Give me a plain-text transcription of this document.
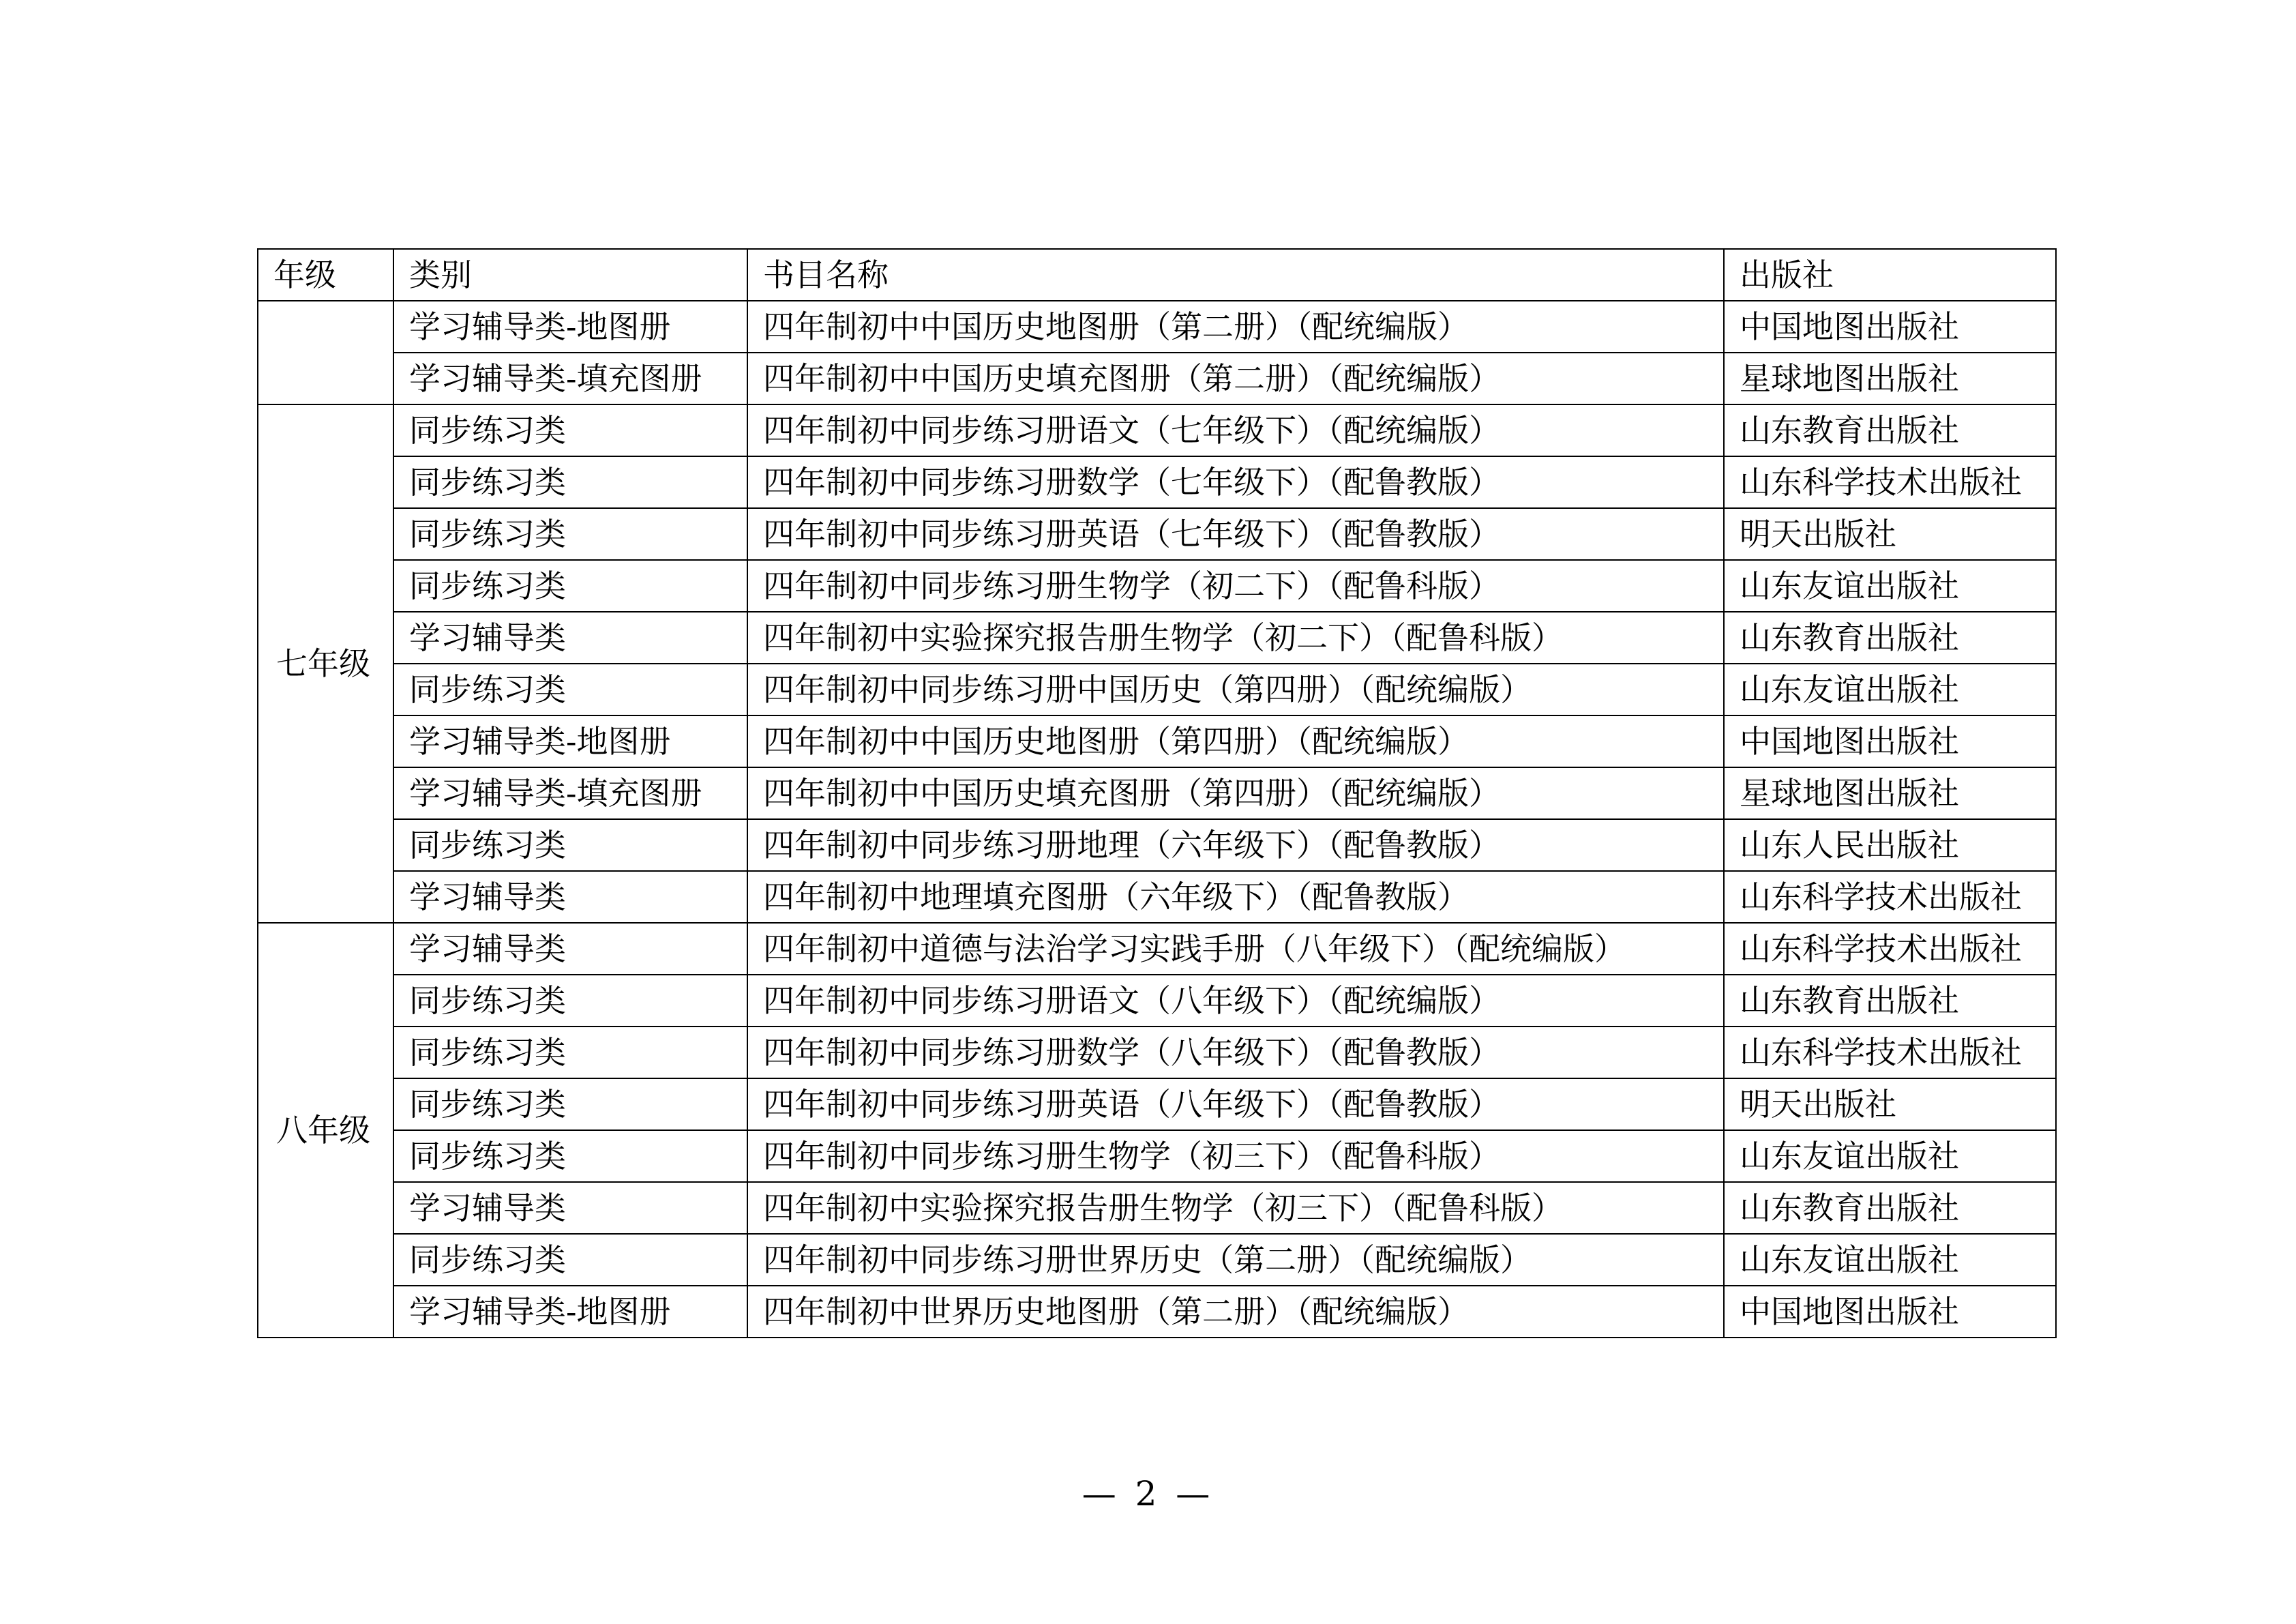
年级	类别	书目名称	出版社
	学习辅导类-地图册	四年制初中中国历史地图册（第二册）（配统编版）	中国地图出版社
	学习辅导类-填充图册	四年制初中中国历史填充图册（第二册）（配统编版）	星球地图出版社
七年级	同步练习类	四年制初中同步练习册语文（七年级下）（配统编版）	山东教育出版社
	同步练习类	四年制初中同步练习册数学（七年级下）（配鲁教版）	山东科学技术出版社
	同步练习类	四年制初中同步练习册英语（七年级下）（配鲁教版）	明天出版社
	同步练习类	四年制初中同步练习册生物学（初二下）（配鲁科版）	山东友谊出版社
	学习辅导类	四年制初中实验探究报告册生物学（初二下）（配鲁科版）	山东教育出版社
	同步练习类	四年制初中同步练习册中国历史（第四册）（配统编版）	山东友谊出版社
	学习辅导类-地图册	四年制初中中国历史地图册（第四册）（配统编版）	中国地图出版社
	学习辅导类-填充图册	四年制初中中国历史填充图册（第四册）（配统编版）	星球地图出版社
	同步练习类	四年制初中同步练习册地理（六年级下）（配鲁教版）	山东人民出版社
	学习辅导类	四年制初中地理填充图册（六年级下）（配鲁教版）	山东科学技术出版社
八年级	学习辅导类	四年制初中道德与法治学习实践手册（八年级下）（配统编版）	山东科学技术出版社
	同步练习类	四年制初中同步练习册语文（八年级下）（配统编版）	山东教育出版社
	同步练习类	四年制初中同步练习册数学（八年级下）（配鲁教版）	山东科学技术出版社
	同步练习类	四年制初中同步练习册英语（八年级下）（配鲁教版）	明天出版社
	同步练习类	四年制初中同步练习册生物学（初三下）（配鲁科版）	山东友谊出版社
	学习辅导类	四年制初中实验探究报告册生物学（初三下）（配鲁科版）	山东教育出版社
	同步练习类	四年制初中同步练习册世界历史（第二册）（配统编版）	山东友谊出版社
	学习辅导类-地图册	四年制初中世界历史地图册（第二册）（配统编版）	中国地图出版社
— 2 —
